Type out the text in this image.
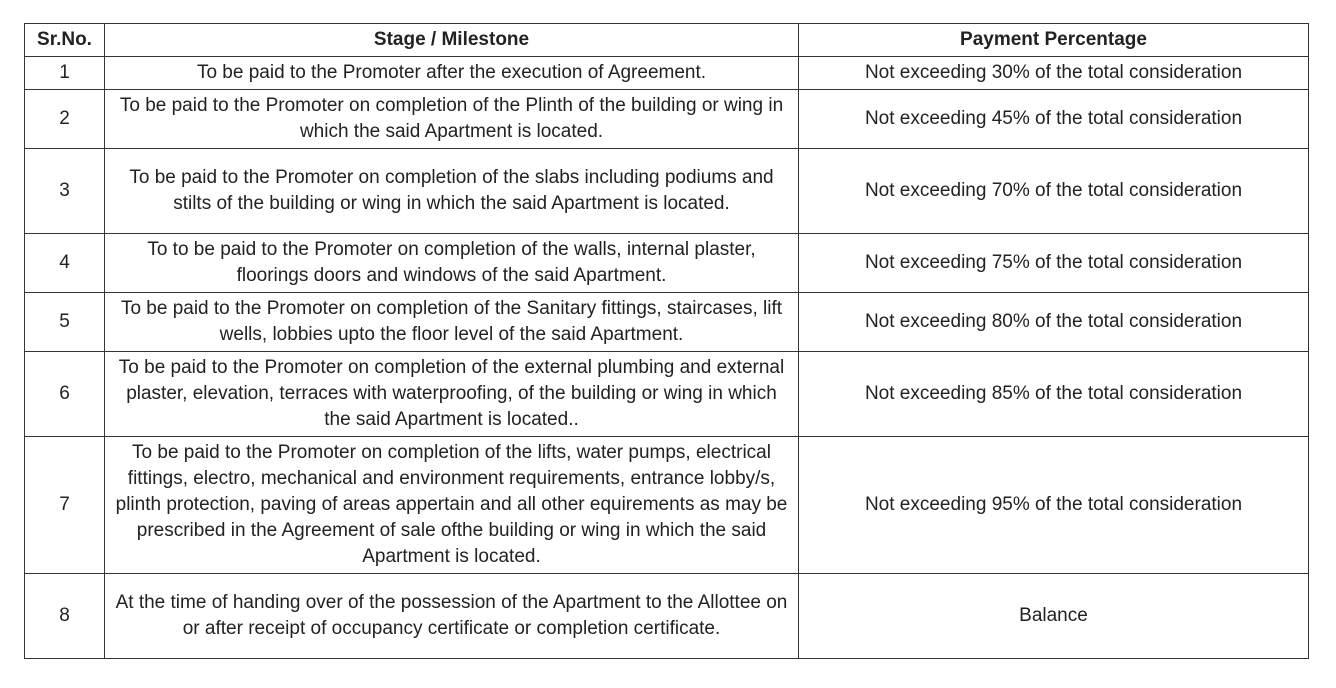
Sr.No.	Stage / Milestone	Payment Percentage
1	To be paid to the Promoter after the execution of Agreement.	Not exceeding 30% of the total consideration
2	To be paid to the Promoter on completion of the Plinth of the building or wing in which the said Apartment is located.	Not exceeding 45% of the total consideration
3	To be paid to the Promoter on completion of the slabs including podiums and stilts of the building or wing in which the said Apartment is located.	Not exceeding 70% of the total consideration
4	To to be paid to the Promoter on completion of the walls, internal plaster, floorings doors and windows of the said Apartment.	Not exceeding 75% of the total consideration
5	To be paid to the Promoter on completion of the Sanitary fittings, staircases, lift wells, lobbies upto the floor level of the said Apartment.	Not exceeding 80% of the total consideration
6	To be paid to the Promoter on completion of the external plumbing and external plaster, elevation, terraces with waterproofing, of the building or wing in which the said Apartment is located..	Not exceeding 85% of the total consideration
7	To be paid to the Promoter on completion of the lifts, water pumps, electrical fittings, electro, mechanical and environment requirements, entrance lobby/s, plinth protection, paving of areas appertain and all other equirements as may be prescribed in the Agreement of sale ofthe building or wing in which the said Apartment is located.	Not exceeding 95% of the total consideration
8	At the time of handing over of the possession of the Apartment to the Allottee on or after receipt of occupancy certificate or completion certificate.	Balance
